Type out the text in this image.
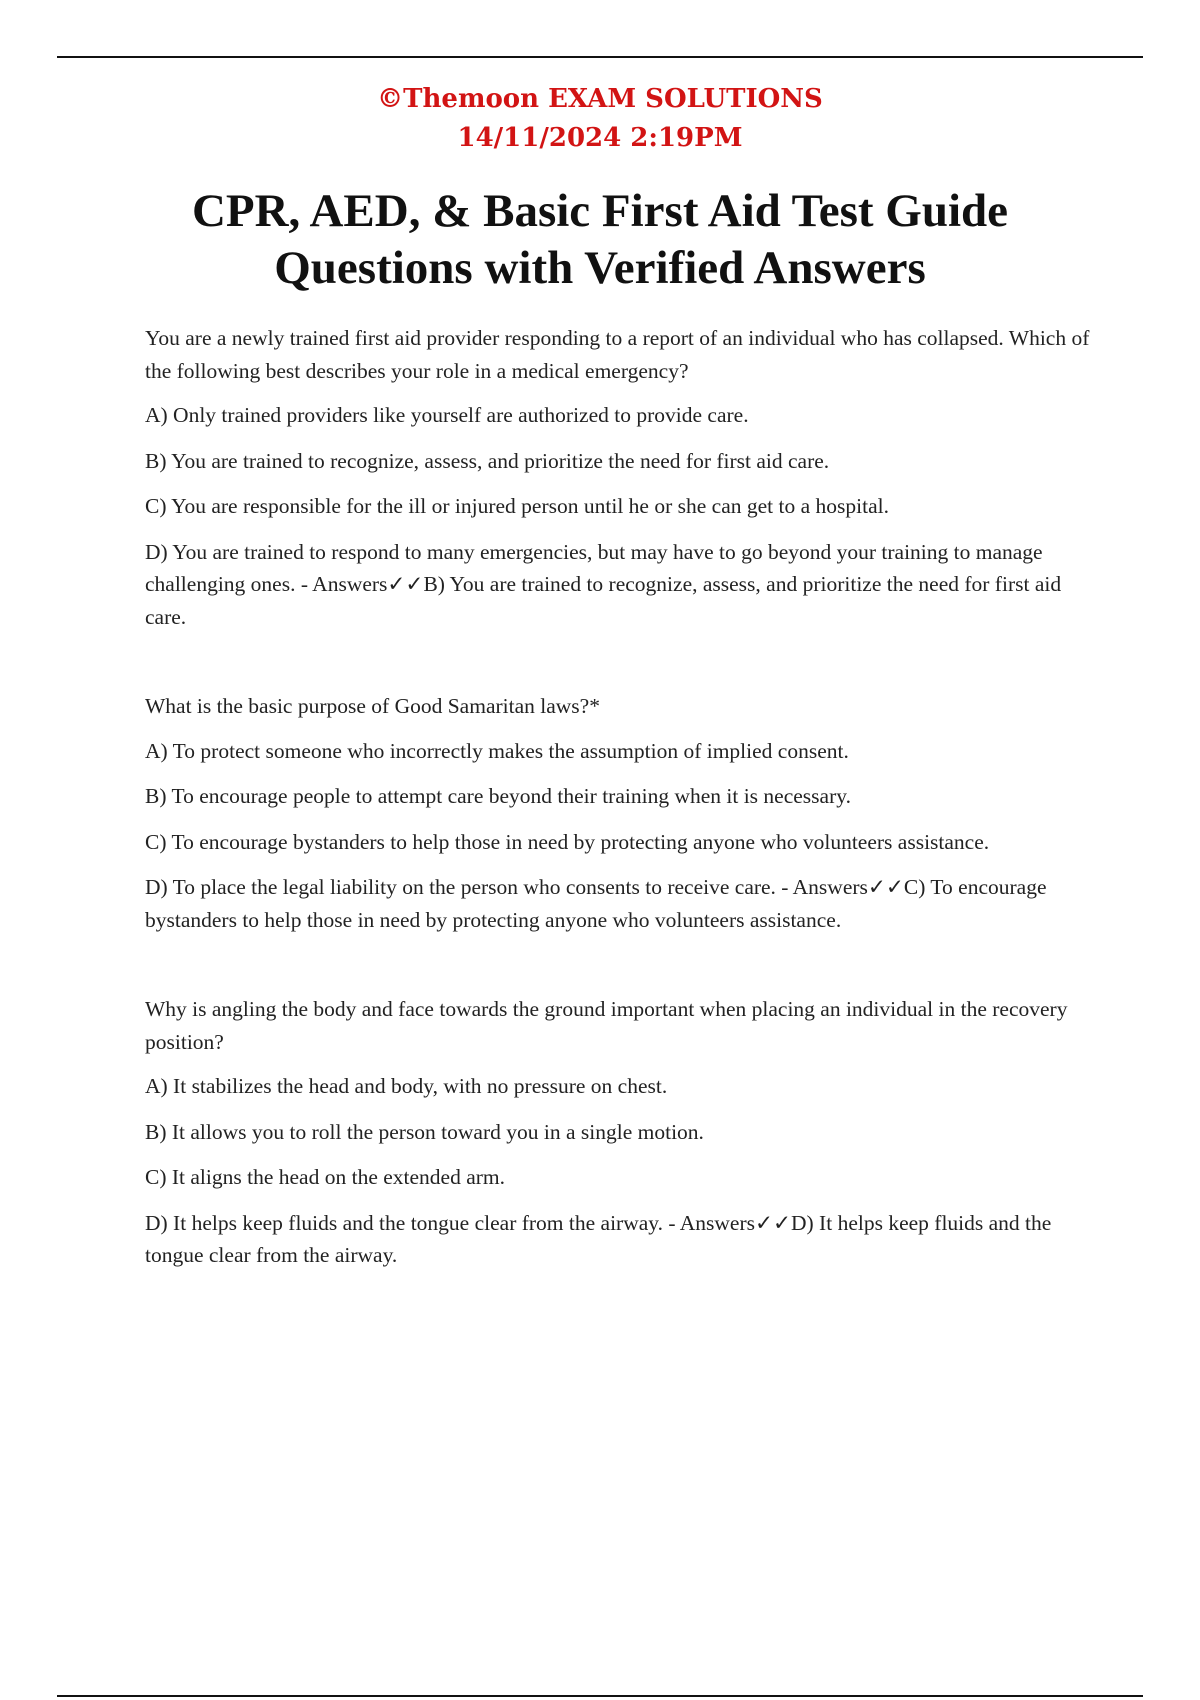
©Themoon EXAM SOLUTIONS
14/11/2024 2:19PM
CPR, AED, & Basic First Aid Test Guide
Questions with Verified Answers

You are a newly trained first aid provider responding to a report of an individual who has collapsed. Which of the following best describes your role in a medical emergency?

A) Only trained providers like yourself are authorized to provide care.

B) You are trained to recognize, assess, and prioritize the need for first aid care.

C) You are responsible for the ill or injured person until he or she can get to a hospital.

D) You are trained to respond to many emergencies, but may have to go beyond your training to manage challenging ones. - Answers✓✓B) You are trained to recognize, assess, and prioritize the need for first aid care.

What is the basic purpose of Good Samaritan laws?*

A) To protect someone who incorrectly makes the assumption of implied consent.

B) To encourage people to attempt care beyond their training when it is necessary.

C) To encourage bystanders to help those in need by protecting anyone who volunteers assistance.

D) To place the legal liability on the person who consents to receive care. - Answers✓✓C) To encourage bystanders to help those in need by protecting anyone who volunteers assistance.

Why is angling the body and face towards the ground important when placing an individual in the recovery position?

A) It stabilizes the head and body, with no pressure on chest.

B) It allows you to roll the person toward you in a single motion.

C) It aligns the head on the extended arm.

D) It helps keep fluids and the tongue clear from the airway. - Answers✓✓D) It helps keep fluids and the tongue clear from the airway.
